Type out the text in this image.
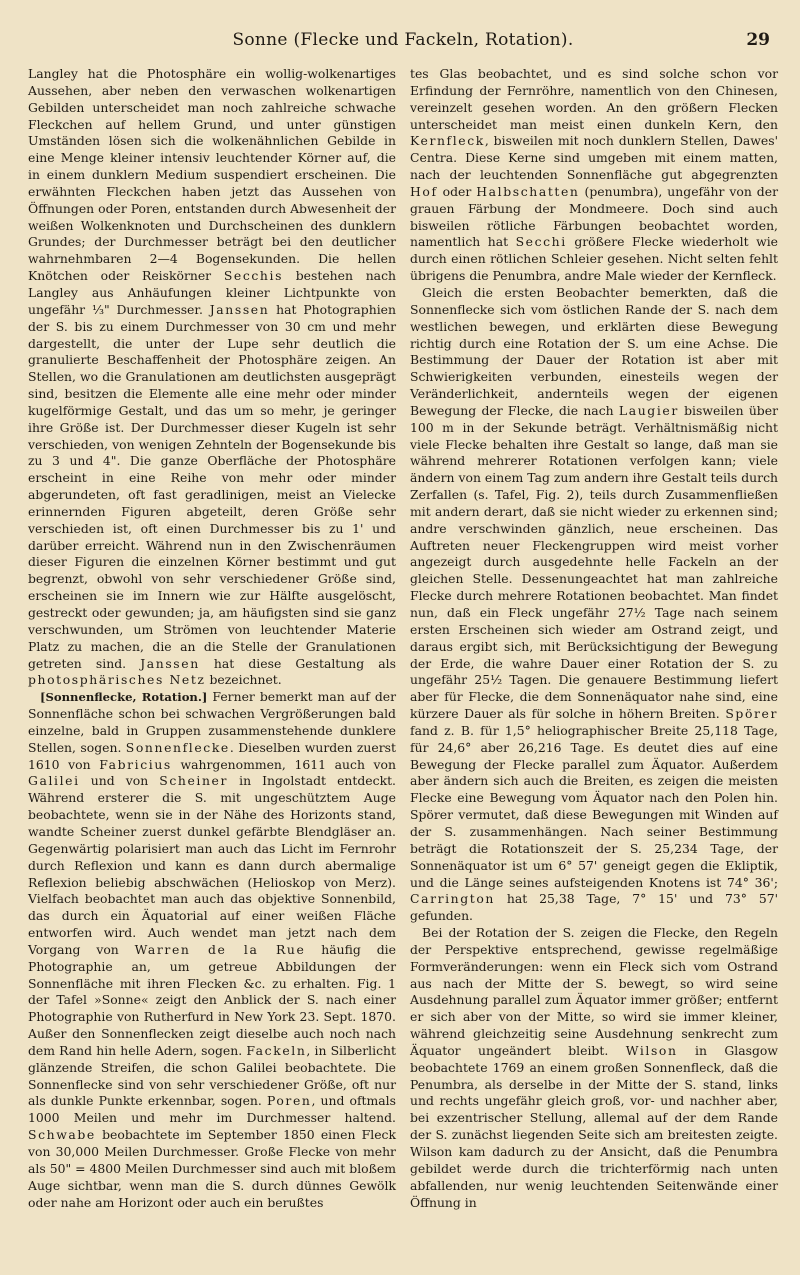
Sonne (Flecke und Fackeln, Rotation).	29

Langley hat die Photosphäre ein wollig-wolkenartiges Aussehen, aber neben den verwaschen wolkenartigen Gebilden unterscheidet man noch zahlreiche schwache Fleckchen auf hellem Grund, und unter günstigen Umständen lösen sich die wolkenähnlichen Gebilde in eine Menge kleiner intensiv leuchtender Körner auf, die in einem dunklern Medium suspendiert erscheinen. Die erwähnten Fleckchen haben jetzt das Aussehen von Öffnungen oder Poren, entstanden durch Abwesenheit der weißen Wolkenknoten und Durchscheinen des dunklern Grundes; der Durchmesser beträgt bei den deutlicher wahrnehmbaren 2—4 Bogensekunden. Die hellen Knötchen oder Reiskörner Secchis bestehen nach Langley aus Anhäufungen kleiner Lichtpunkte von ungefähr ⅓" Durchmesser. Janssen hat Photographien der S. bis zu einem Durchmesser von 30 cm und mehr dargestellt, die unter der Lupe sehr deutlich die granulierte Beschaffenheit der Photosphäre zeigen. An Stellen, wo die Granulationen am deutlichsten ausgeprägt sind, besitzen die Elemente alle eine mehr oder minder kugelförmige Gestalt, und das um so mehr, je geringer ihre Größe ist. Der Durchmesser dieser Kugeln ist sehr verschieden, von wenigen Zehnteln der Bogensekunde bis zu 3 und 4". Die ganze Oberfläche der Photosphäre erscheint in eine Reihe von mehr oder minder abgerundeten, oft fast geradlinigen, meist an Vielecke erinnernden Figuren abgeteilt, deren Größe sehr verschieden ist, oft einen Durchmesser bis zu 1' und darüber erreicht. Während nun in den Zwischenräumen dieser Figuren die einzelnen Körner bestimmt und gut begrenzt, obwohl von sehr verschiedener Größe sind, erscheinen sie im Innern wie zur Hälfte ausgelöscht, gestreckt oder gewunden; ja, am häufigsten sind sie ganz verschwunden, um Strömen von leuchtender Materie Platz zu machen, die an die Stelle der Granulationen getreten sind. Janssen hat diese Gestaltung als photosphärisches Netz bezeichnet.

[Sonnenflecke, Rotation.] Ferner bemerkt man auf der Sonnenfläche schon bei schwachen Vergrößerungen bald einzelne, bald in Gruppen zusammenstehende dunklere Stellen, sogen. Sonnenflecke. Dieselben wurden zuerst 1610 von Fabricius wahrgenommen, 1611 auch von Galilei und von Scheiner in Ingolstadt entdeckt. Während ersterer die S. mit ungeschütztem Auge beobachtete, wenn sie in der Nähe des Horizonts stand, wandte Scheiner zuerst dunkel gefärbte Blendgläser an. Gegenwärtig polarisiert man auch das Licht im Fernrohr durch Reflexion und kann es dann durch abermalige Reflexion beliebig abschwächen (Helioskop von Merz). Vielfach beobachtet man auch das objektive Sonnenbild, das durch ein Äquatorial auf einer weißen Fläche entworfen wird. Auch wendet man jetzt nach dem Vorgang von Warren de la Rue häufig die Photographie an, um getreue Abbildungen der Sonnenfläche mit ihren Flecken &c. zu erhalten. Fig. 1 der Tafel »Sonne« zeigt den Anblick der S. nach einer Photographie von Rutherfurd in New York 23. Sept. 1870. Außer den Sonnenflecken zeigt dieselbe auch noch nach dem Rand hin helle Adern, sogen. Fackeln, in Silberlicht glänzende Streifen, die schon Galilei beobachtete. Die Sonnenflecke sind von sehr verschiedener Größe, oft nur als dunkle Punkte erkennbar, sogen. Poren, und oftmals 1000 Meilen und mehr im Durchmesser haltend. Schwabe beobachtete im September 1850 einen Fleck von 30,000 Meilen Durchmesser. Große Flecke von mehr als 50" = 4800 Meilen Durchmesser sind auch mit bloßem Auge sichtbar, wenn man die S. durch dünnes Gewölk oder nahe am Horizont oder auch ein berußtes

tes Glas beobachtet, und es sind solche schon vor Erfindung der Fernröhre, namentlich von den Chinesen, vereinzelt gesehen worden. An den größern Flecken unterscheidet man meist einen dunkeln Kern, den Kernfleck, bisweilen mit noch dunklern Stellen, Dawes' Centra. Diese Kerne sind umgeben mit einem matten, nach der leuchtenden Sonnenfläche gut abgegrenzten Hof oder Halbschatten (penumbra), ungefähr von der grauen Färbung der Mondmeere. Doch sind auch bisweilen rötliche Färbungen beobachtet worden, namentlich hat Secchi größere Flecke wiederholt wie durch einen rötlichen Schleier gesehen. Nicht selten fehlt übrigens die Penumbra, andre Male wieder der Kernfleck.

Gleich die ersten Beobachter bemerkten, daß die Sonnenflecke sich vom östlichen Rande der S. nach dem westlichen bewegen, und erklärten diese Bewegung richtig durch eine Rotation der S. um eine Achse. Die Bestimmung der Dauer der Rotation ist aber mit Schwierigkeiten verbunden, einesteils wegen der Veränderlichkeit, anderntеils wegen der eigenen Bewegung der Flecke, die nach Laugier bisweilen über 100 m in der Sekunde beträgt. Verhältnismäßig nicht viele Flecke behalten ihre Gestalt so lange, daß man sie während mehrerer Rotationen verfolgen kann; viele ändern von einem Tag zum andern ihre Gestalt teils durch Zerfallen (s. Tafel, Fig. 2), teils durch Zusammenfließen mit andern derart, daß sie nicht wieder zu erkennen sind; andre verschwinden gänzlich, neue erscheinen. Das Auftreten neuer Fleckengruppen wird meist vorher angezeigt durch ausgedehnte helle Fackeln an der gleichen Stelle. Dessenungeachtet hat man zahlreiche Flecke durch mehrere Rotationen beobachtet. Man findet nun, daß ein Fleck ungefähr 27½ Tage nach seinem ersten Erscheinen sich wieder am Ostrand zeigt, und daraus ergibt sich, mit Berücksichtigung der Bewegung der Erde, die wahre Dauer einer Rotation der S. zu ungefähr 25½ Tagen. Die genauere Bestimmung liefert aber für Flecke, die dem Sonnenäquator nahe sind, eine kürzere Dauer als für solche in höhern Breiten. Spörer fand z. B. für 1,5° heliographischer Breite 25,118 Tage, für 24,6° aber 26,216 Tage. Es deutet dies auf eine Bewegung der Flecke parallel zum Äquator. Außerdem aber ändern sich auch die Breiten, es zeigen die meisten Flecke eine Bewegung vom Äquator nach den Polen hin. Spörer vermutet, daß diese Bewegungen mit Winden auf der S. zusammenhängen. Nach seiner Bestimmung beträgt die Rotationszeit der S. 25,234 Tage, der Sonnenäquator ist um 6° 57' geneigt gegen die Ekliptik, und die Länge seines aufsteigenden Knotens ist 74° 36'; Carrington hat 25,38 Tage, 7° 15' und 73° 57' gefunden.

Bei der Rotation der S. zeigen die Flecke, den Regeln der Perspektive entsprechend, gewisse regelmäßige Formveränderungen: wenn ein Fleck sich vom Ostrand aus nach der Mitte der S. bewegt, so wird seine Ausdehnung parallel zum Äquator immer größer; entfernt er sich aber von der Mitte, so wird sie immer kleiner, während gleichzeitig seine Ausdehnung senkrecht zum Äquator ungeändert bleibt. Wilson in Glasgow beobachtete 1769 an einem großen Sonnenfleck, daß die Penumbra, als derselbe in der Mitte der S. stand, links und rechts ungefähr gleich groß, vor- und nachher aber, bei exzentrischer Stellung, allemal auf der dem Rande der S. zunächst liegenden Seite sich am breitesten zeigte. Wilson kam dadurch zu der Ansicht, daß die Penumbra gebildet werde durch die trichterförmig nach unten abfallenden, nur wenig leuchtenden Seitenwände einer Öffnung in
